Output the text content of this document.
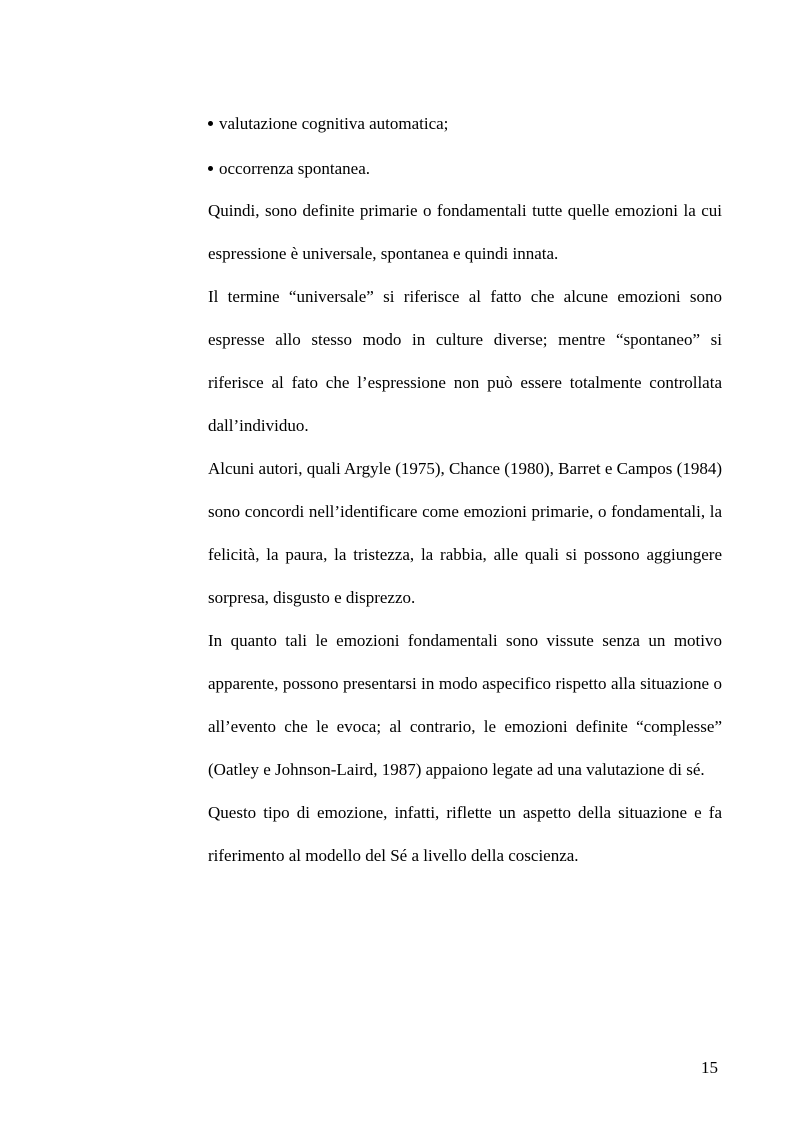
valutazione cognitiva automatica;
occorrenza spontanea.

Quindi, sono definite primarie o fondamentali tutte quelle emozioni la cui espressione è universale, spontanea e quindi innata.

Il termine “universale” si riferisce al fatto che alcune emozioni sono espresse allo stesso modo in culture diverse; mentre “spontaneo” si riferisce al fato che l’espressione non può essere totalmente controllata dall’individuo.

Alcuni autori, quali Argyle (1975), Chance (1980), Barret e Campos (1984) sono concordi nell’identificare come emozioni primarie, o fondamentali, la felicità, la paura, la tristezza, la rabbia, alle quali si possono aggiungere sorpresa, disgusto e disprezzo.

In quanto tali le emozioni fondamentali sono vissute senza un motivo apparente, possono presentarsi in modo aspecifico rispetto alla situazione o all’evento che le evoca; al contrario, le emozioni definite “complesse” (Oatley e Johnson-Laird, 1987) appaiono legate ad una valutazione di sé.

Questo tipo di emozione, infatti, riflette un aspetto della situazione e fa riferimento al modello del Sé a livello della coscienza.

15
